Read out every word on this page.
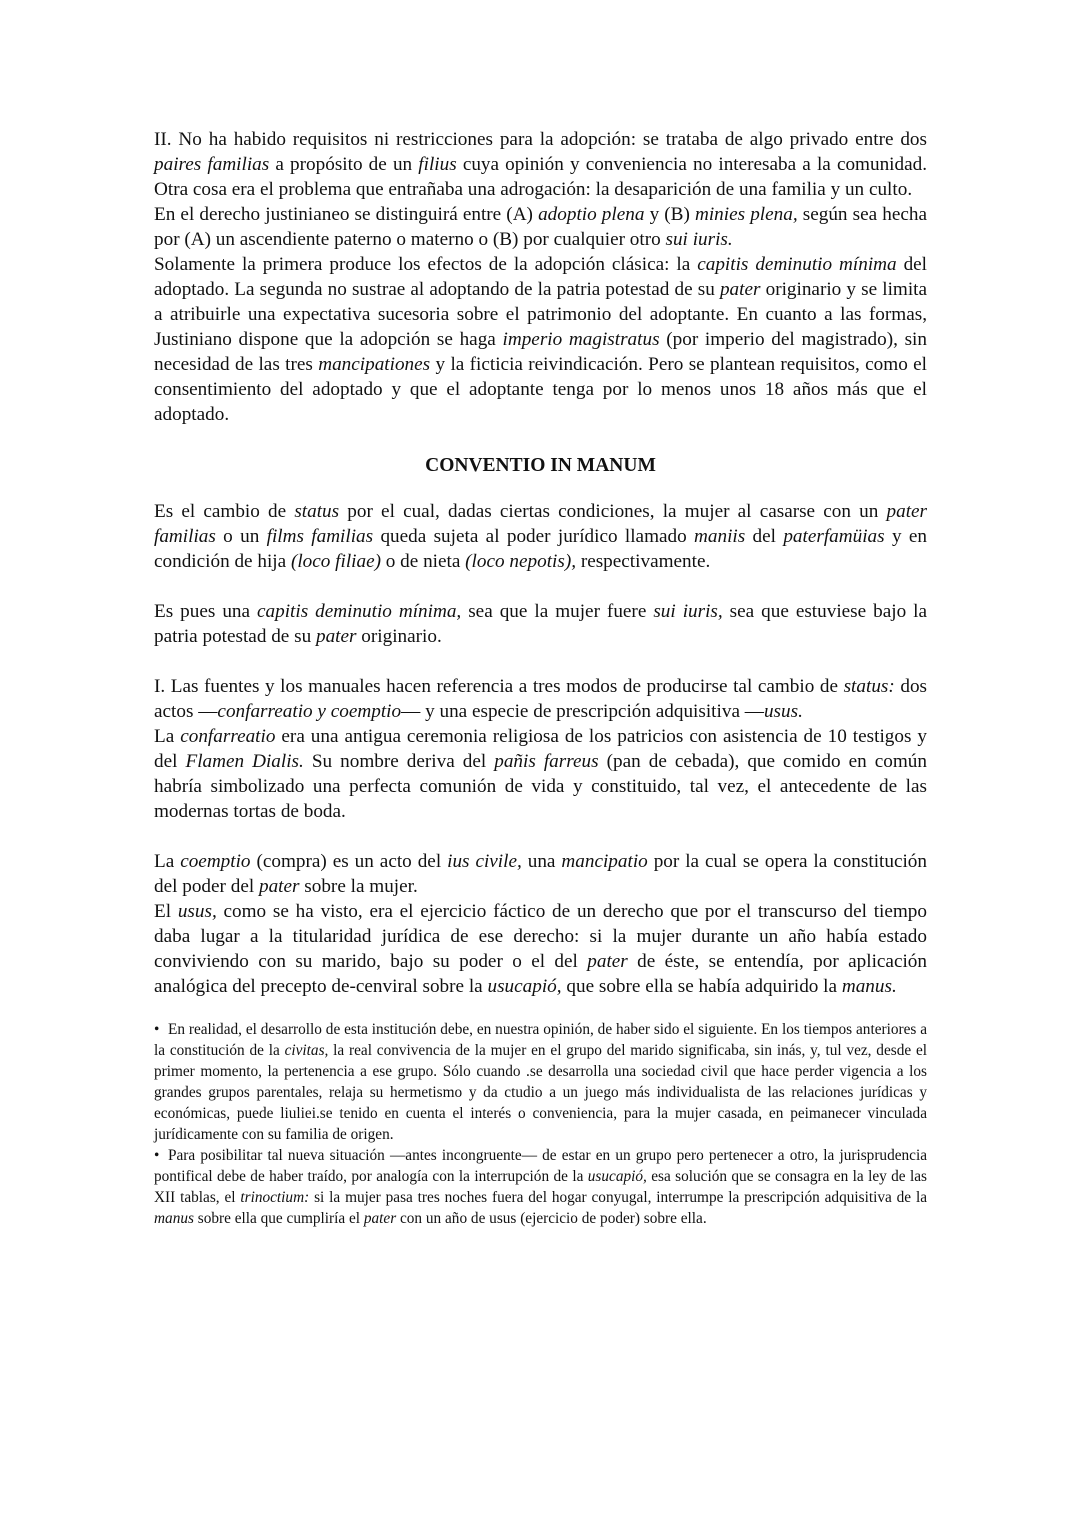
II. No ha habido requisitos ni restricciones para la adopción: se trataba de algo privado entre dos paires familias a propósito de un filius cuya opinión y conveniencia no interesaba a la comunidad. Otra cosa era el problema que entrañaba una adrogación: la desaparición de una familia y un culto.

En el derecho justinianeo se distinguirá entre (A) adoptio plena y (B) minies plena, según sea hecha por (A) un ascendiente paterno o materno o (B) por cualquier otro sui iuris.

Solamente la primera produce los efectos de la adopción clásica: la capitis deminutio mínima del adoptado. La segunda no sustrae al adoptando de la patria potestad de su pater originario y se limita a atribuirle una expectativa sucesoria sobre el patrimonio del adoptante. En cuanto a las formas, Justiniano dispone que la adopción se haga imperio magistratus (por imperio del magistrado), sin necesidad de las tres mancipationes y la ficticia reivindicación. Pero se plantean requisitos, como el consentimiento del adoptado y que el adoptante tenga por lo menos unos 18 años más que el adoptado.

CONVENTIO IN MANUM

Es el cambio de status por el cual, dadas ciertas condiciones, la mujer al casarse con un pater familias o un films familias queda sujeta al poder jurídico llamado maniis del paterfamüias y en condición de hija (loco filiae) o de nieta (loco nepotis), respectivamente.

Es pues una capitis deminutio mínima, sea que la mujer fuere sui iuris, sea que estuviese bajo la patria potestad de su pater originario.

I. Las fuentes y los manuales hacen referencia a tres modos de producirse tal cambio de status: dos actos —confarreatio y coemptio— y una especie de prescripción adquisitiva —usus.

La confarreatio era una antigua ceremonia religiosa de los patricios con asistencia de 10 testigos y del Flamen Dialis. Su nombre deriva del pañis farreus (pan de cebada), que comido en común habría simbolizado una perfecta comunión de vida y constituido, tal vez, el antecedente de las modernas tortas de boda.

La coemptio (compra) es un acto del ius civile, una mancipatio por la cual se opera la constitución del poder del pater sobre la mujer.

El usus, como se ha visto, era el ejercicio fáctico de un derecho que por el transcurso del tiempo daba lugar a la titularidad jurídica de ese derecho: si la mujer durante un año había estado conviviendo con su marido, bajo su poder o el del pater de éste, se entendía, por aplicación analógica del precepto de-cenviral sobre la usucapió, que sobre ella se había adquirido la manus.

• En realidad, el desarrollo de esta institución debe, en nuestra opinión, de haber sido el siguiente. En los tiempos anteriores a la constitución de la civitas, la real convivencia de la mujer en el grupo del marido significaba, sin inás, y, tul vez, desde el primer momento, la pertenencia a ese grupo. Sólo cuando .se desarrolla una sociedad civil que hace perder vigencia a los grandes grupos parentales, relaja su hermetismo y da ctudio a un juego más individualista de las relaciones jurídicas y económicas, puede liuliei.se tenido en cuenta el interés o conveniencia, para la mujer casada, en peimanecer vinculada jurídicamente con su familia de origen.

• Para posibilitar tal nueva situación —antes incongruente— de estar en un grupo pero pertenecer a otro, la jurisprudencia pontifical debe de haber traído, por analogía con la interrupción de la usucapió, esa solución que se consagra en la ley de las XII tablas, el trinoctium: si la mujer pasa tres noches fuera del hogar conyugal, interrumpe la prescripción adquisitiva de la manus sobre ella que cumpliría el pater con un año de usus (ejercicio de poder) sobre ella.
